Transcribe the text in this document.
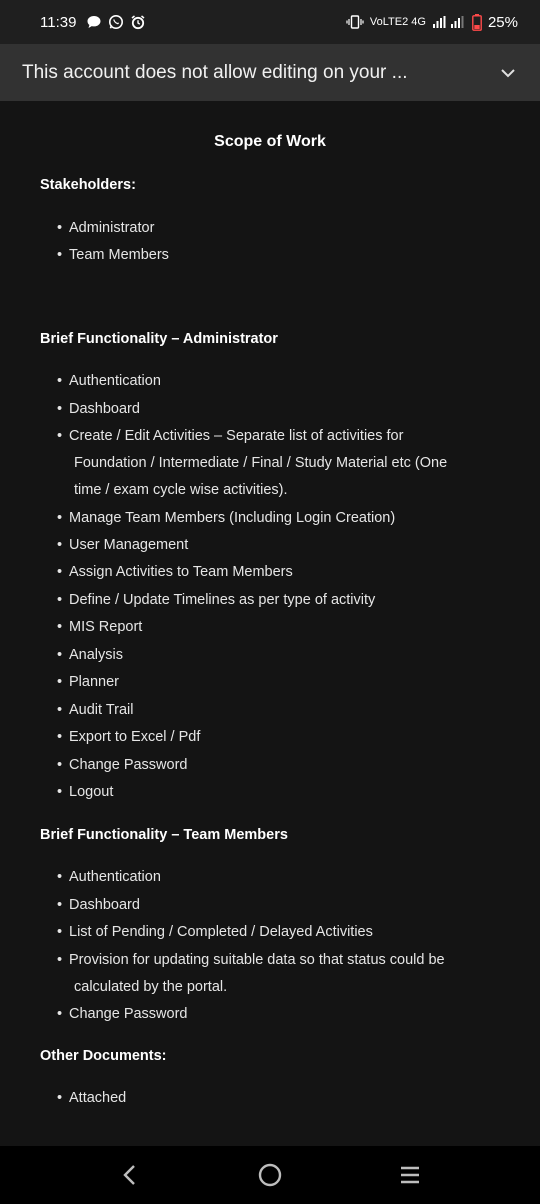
11:39	VoLTE2 4G	25%
This account does not allow editing on your ...
Scope of Work
Stakeholders:
• Administrator
• Team Members
Brief Functionality – Administrator
• Authentication
• Dashboard
• Create / Edit Activities – Separate list of activities for
Foundation / Intermediate / Final / Study Material etc (One
time / exam cycle wise activities).
• Manage Team Members (Including Login Creation)
• User Management
• Assign Activities to Team Members
• Define / Update Timelines as per type of activity
• MIS Report
• Analysis
• Planner
• Audit Trail
• Export to Excel / Pdf
• Change Password
• Logout
Brief Functionality – Team Members
• Authentication
• Dashboard
• List of Pending / Completed / Delayed Activities
• Provision for updating suitable data so that status could be
calculated by the portal.
• Change Password
Other Documents:
• Attached
